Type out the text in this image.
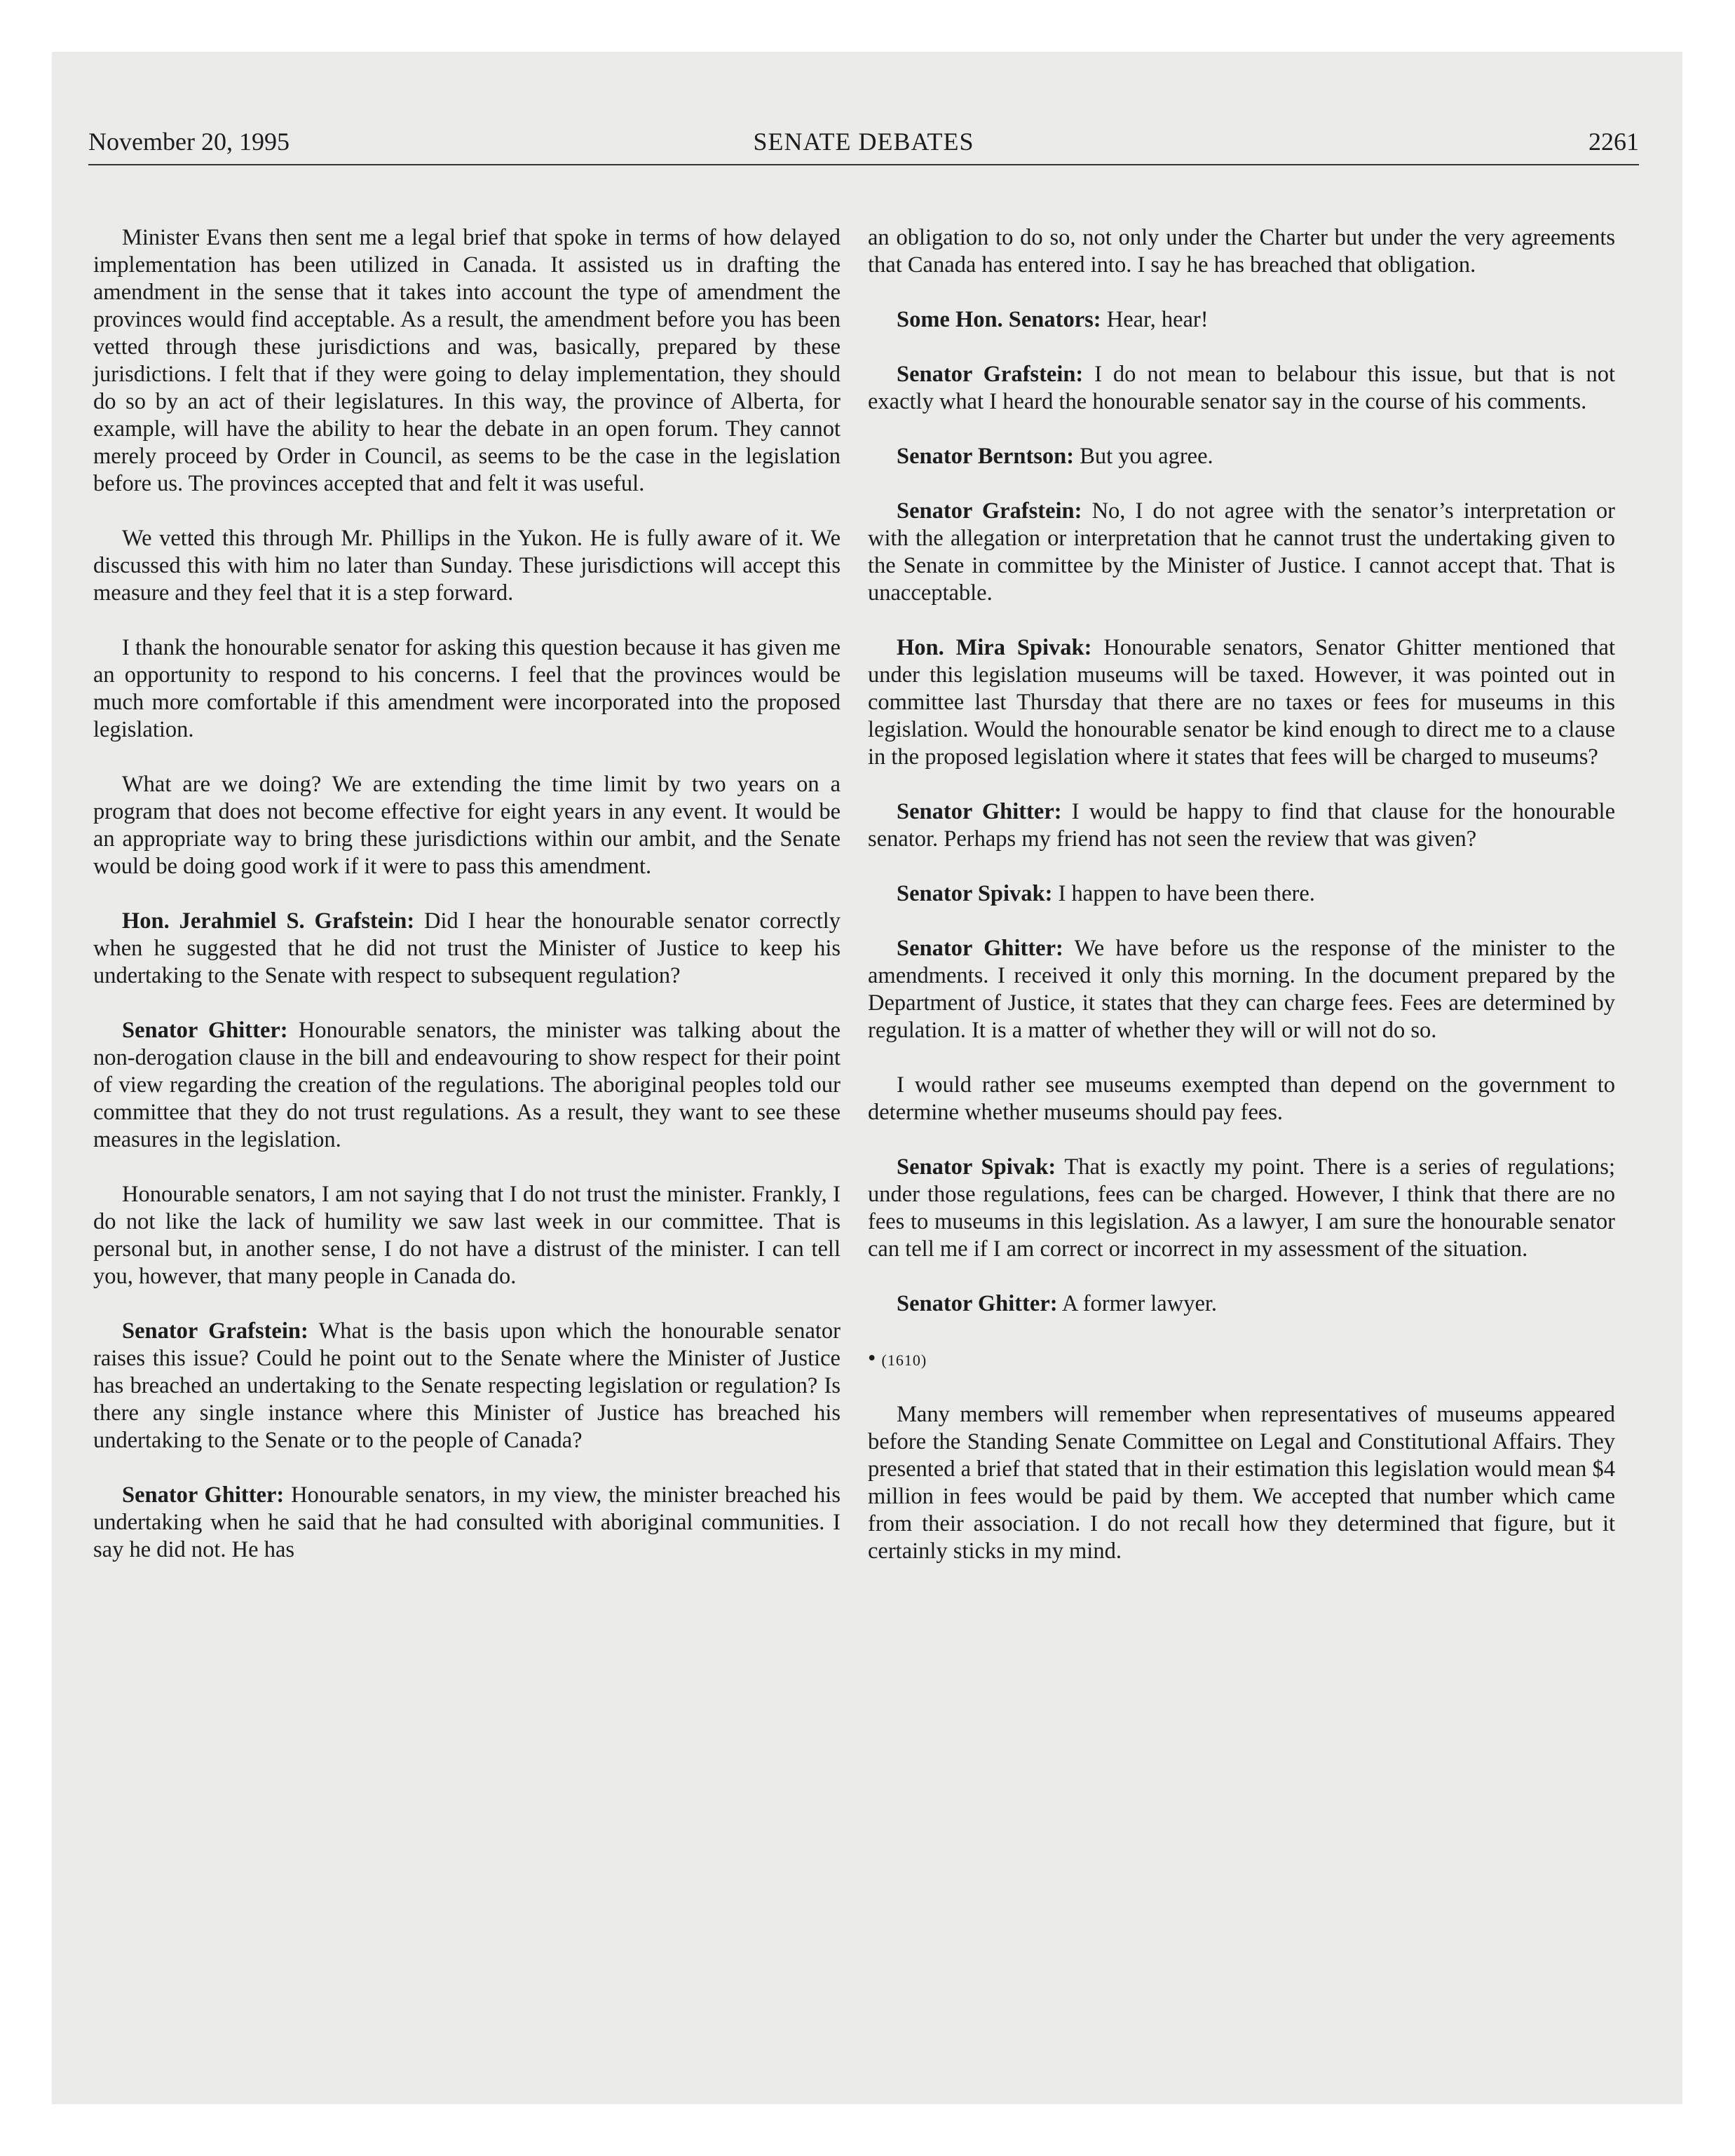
November 20, 1995	SENATE DEBATES	2261

Minister Evans then sent me a legal brief that spoke in terms of how delayed implementation has been utilized in Canada. It assisted us in drafting the amendment in the sense that it takes into account the type of amendment the provinces would find acceptable. As a result, the amendment before you has been vetted through these jurisdictions and was, basically, prepared by these jurisdictions. I felt that if they were going to delay implementation, they should do so by an act of their legislatures. In this way, the province of Alberta, for example, will have the ability to hear the debate in an open forum. They cannot merely proceed by Order in Council, as seems to be the case in the legislation before us. The provinces accepted that and felt it was useful.

We vetted this through Mr. Phillips in the Yukon. He is fully aware of it. We discussed this with him no later than Sunday. These jurisdictions will accept this measure and they feel that it is a step forward.

I thank the honourable senator for asking this question because it has given me an opportunity to respond to his concerns. I feel that the provinces would be much more comfortable if this amendment were incorporated into the proposed legislation.

What are we doing? We are extending the time limit by two years on a program that does not become effective for eight years in any event. It would be an appropriate way to bring these jurisdictions within our ambit, and the Senate would be doing good work if it were to pass this amendment.

Hon. Jerahmiel S. Grafstein: Did I hear the honourable senator correctly when he suggested that he did not trust the Minister of Justice to keep his undertaking to the Senate with respect to subsequent regulation?

Senator Ghitter: Honourable senators, the minister was talking about the non-derogation clause in the bill and endeavouring to show respect for their point of view regarding the creation of the regulations. The aboriginal peoples told our committee that they do not trust regulations. As a result, they want to see these measures in the legislation.

Honourable senators, I am not saying that I do not trust the minister. Frankly, I do not like the lack of humility we saw last week in our committee. That is personal but, in another sense, I do not have a distrust of the minister. I can tell you, however, that many people in Canada do.

Senator Grafstein: What is the basis upon which the honourable senator raises this issue? Could he point out to the Senate where the Minister of Justice has breached an undertaking to the Senate respecting legislation or regulation? Is there any single instance where this Minister of Justice has breached his undertaking to the Senate or to the people of Canada?

Senator Ghitter: Honourable senators, in my view, the minister breached his undertaking when he said that he had consulted with aboriginal communities. I say he did not. He has

an obligation to do so, not only under the Charter but under the very agreements that Canada has entered into. I say he has breached that obligation.

Some Hon. Senators: Hear, hear!

Senator Grafstein: I do not mean to belabour this issue, but that is not exactly what I heard the honourable senator say in the course of his comments.

Senator Berntson: But you agree.

Senator Grafstein: No, I do not agree with the senator’s interpretation or with the allegation or interpretation that he cannot trust the undertaking given to the Senate in committee by the Minister of Justice. I cannot accept that. That is unacceptable.

Hon. Mira Spivak: Honourable senators, Senator Ghitter mentioned that under this legislation museums will be taxed. However, it was pointed out in committee last Thursday that there are no taxes or fees for museums in this legislation. Would the honourable senator be kind enough to direct me to a clause in the proposed legislation where it states that fees will be charged to museums?

Senator Ghitter: I would be happy to find that clause for the honourable senator. Perhaps my friend has not seen the review that was given?

Senator Spivak: I happen to have been there.

Senator Ghitter: We have before us the response of the minister to the amendments. I received it only this morning. In the document prepared by the Department of Justice, it states that they can charge fees. Fees are determined by regulation. It is a matter of whether they will or will not do so.

I would rather see museums exempted than depend on the government to determine whether museums should pay fees.

Senator Spivak: That is exactly my point. There is a series of regulations; under those regulations, fees can be charged. However, I think that there are no fees to museums in this legislation. As a lawyer, I am sure the honourable senator can tell me if I am correct or incorrect in my assessment of the situation.

Senator Ghitter: A former lawyer.

• (1610)

Many members will remember when representatives of museums appeared before the Standing Senate Committee on Legal and Constitutional Affairs. They presented a brief that stated that in their estimation this legislation would mean $4 million in fees would be paid by them. We accepted that number which came from their association. I do not recall how they determined that figure, but it certainly sticks in my mind.
